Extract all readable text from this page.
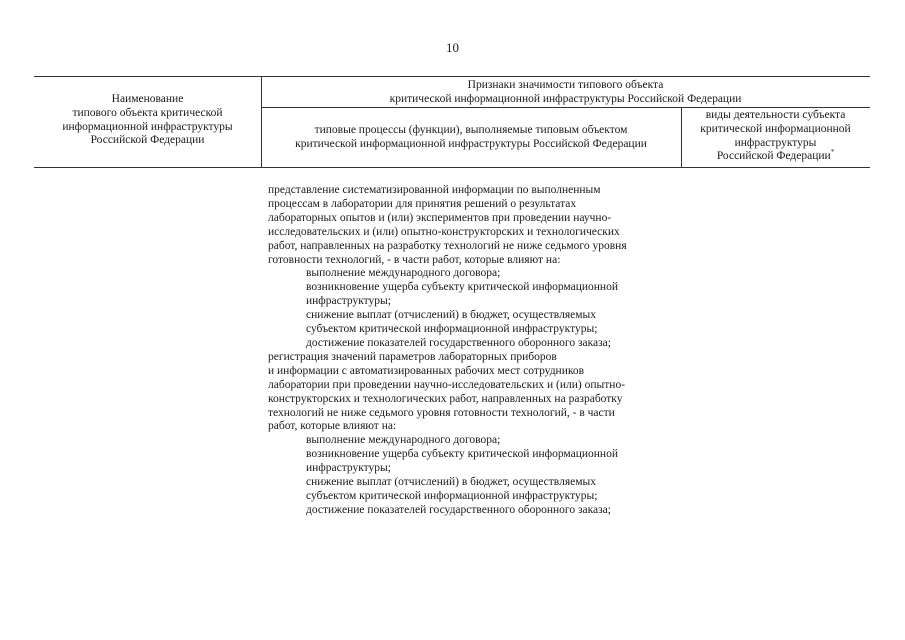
10
Наименование
типового объекта критической
информационной инфраструктуры
Российской Федерации
Признаки значимости типового объекта
критической информационной инфраструктуры Российской Федерации
типовые процессы (функции), выполняемые типовым объектом
критической информационной инфраструктуры Российской Федерации
виды деятельности субъекта
критической информационной
инфраструктуры
Российской Федерации*
представление систематизированной информации по выполненным
процессам в лаборатории для принятия решений о результатах
лабораторных опытов и (или) экспериментов при проведении научно-
исследовательских и (или) опытно-конструкторских и технологических
работ, направленных на разработку технологий не ниже седьмого уровня
готовности технологий, - в части работ, которые влияют на:
выполнение международного договора;
возникновение ущерба субъекту критической информационной
инфраструктуры;
снижение выплат (отчислений) в бюджет, осуществляемых
субъектом критической информационной инфраструктуры;
достижение показателей государственного оборонного заказа;
регистрация значений параметров лабораторных приборов
и информации с автоматизированных рабочих мест сотрудников
лаборатории при проведении научно-исследовательских и (или) опытно-
конструкторских и технологических работ, направленных на разработку
технологий не ниже седьмого уровня готовности технологий, - в части
работ, которые влияют на:
выполнение международного договора;
возникновение ущерба субъекту критической информационной
инфраструктуры;
снижение выплат (отчислений) в бюджет, осуществляемых
субъектом критической информационной инфраструктуры;
достижение показателей государственного оборонного заказа;
